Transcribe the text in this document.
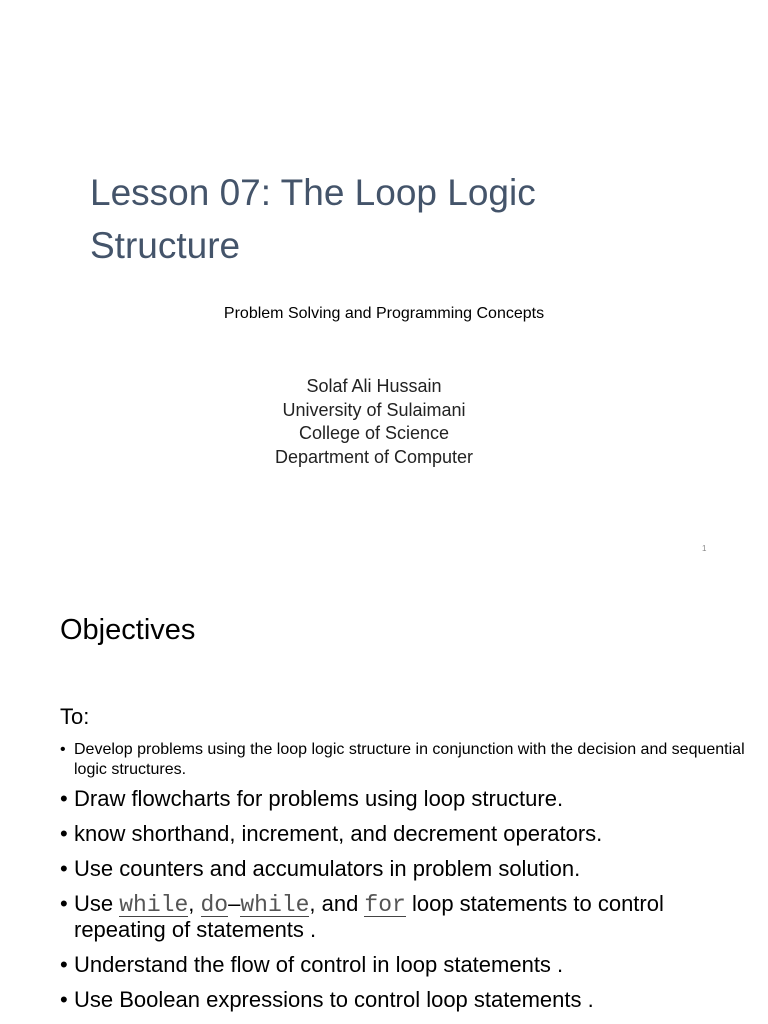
Lesson 07: The Loop Logic
Structure
Problem Solving and Programming Concepts
Solaf Ali Hussain
University of Sulaimani
College of Science
Department of Computer
1
Objectives
To:
• Develop problems using the loop logic structure in conjunction with the decision and sequential logic structures.
• Draw flowcharts for problems using loop structure.
• know shorthand, increment, and decrement operators.
• Use counters and accumulators in problem solution.
• Use while, do–while, and for loop statements to control repeating of statements .
• Understand the flow of control in loop statements .
• Use Boolean expressions to control loop statements .
